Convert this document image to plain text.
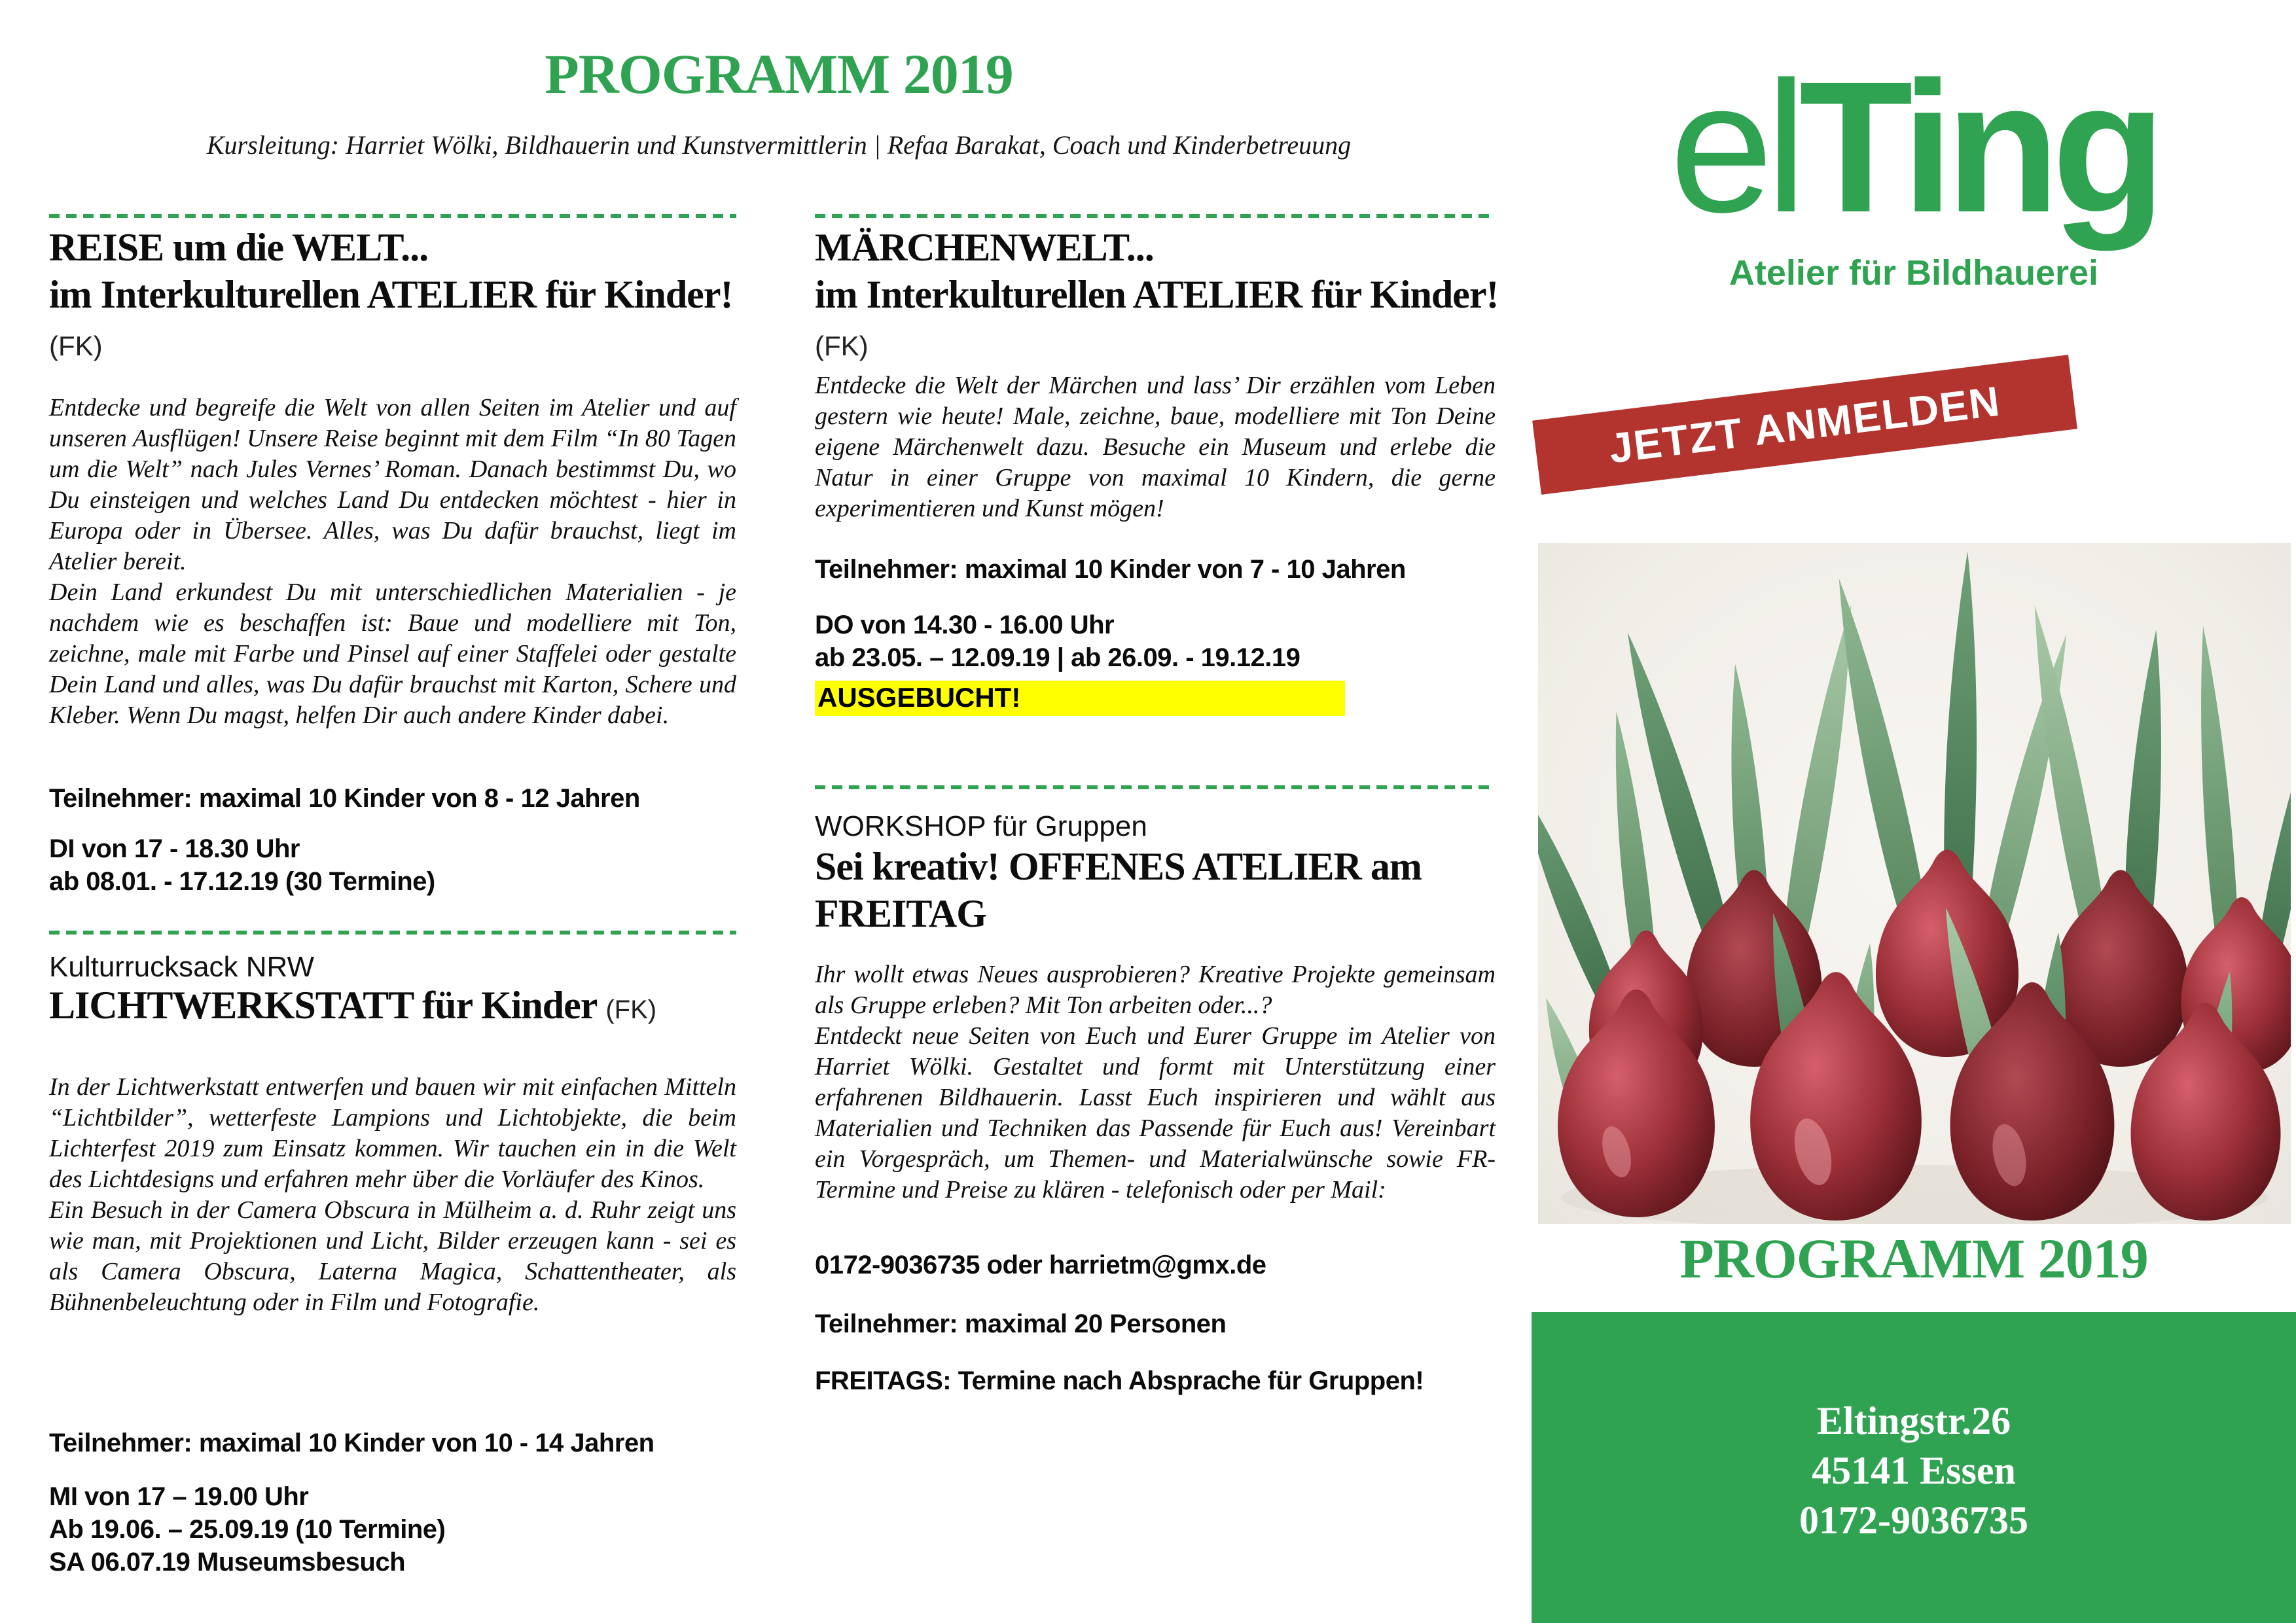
PROGRAMM 2019

Kursleitung: Harriet Wölki, Bildhauerin und Kunstvermittlerin | Refaa Barakat, Coach und Kinderbetreuung

REISE um die WELT...
im Interkulturellen ATELIER für Kinder!
(FK)

Entdecke und begreife die Welt von allen Seiten im Atelier und auf unseren Ausflügen! Unsere Reise beginnt mit dem Film “In 80 Tagen um die Welt” nach Jules Vernes’ Roman. Danach bestimmst Du, wo Du einsteigen und welches Land Du entdecken möchtest - hier in Europa oder in Übersee. Alles, was Du dafür brauchst, liegt im Atelier bereit.

Dein Land erkundest Du mit unterschiedlichen Materialien - je nachdem wie es beschaffen ist: Baue und modelliere mit Ton, zeichne, male mit Farbe und Pinsel auf einer Staffelei oder gestalte Dein Land und alles, was Du dafür brauchst mit Karton, Schere und Kleber. Wenn Du magst, helfen Dir auch andere Kinder dabei.

Teilnehmer: maximal 10 Kinder von 8 - 12 Jahren
DI von 17 - 18.30 Uhr
ab 08.01. - 17.12.19 (30 Termine)
Kulturrucksack NRW
LICHTWERKSTATT für Kinder (FK)

In der Lichtwerkstatt entwerfen und bauen wir mit einfachen Mitteln “Lichtbilder”, wetterfeste Lampions und Lichtobjekte, die beim Lichterfest 2019 zum Einsatz kommen. Wir tauchen ein in die Welt des Lichtdesigns und erfahren mehr über die Vorläufer des Kinos.

Ein Besuch in der Camera Obscura in Mülheim a. d. Ruhr zeigt uns wie man, mit Projektionen und Licht, Bilder erzeugen kann - sei es als Camera Obscura, Laterna Magica, Schattentheater, als Bühnenbeleuchtung oder in Film und Fotografie.

Teilnehmer: maximal 10 Kinder von 10 - 14 Jahren
MI von 17 – 19.00 Uhr
Ab 19.06. – 25.09.19 (10 Termine)
SA 06.07.19 Museumsbesuch
MÄRCHENWELT...
im Interkulturellen ATELIER für Kinder!
(FK)

Entdecke die Welt der Märchen und lass’ Dir erzählen vom Leben gestern wie heute! Male, zeichne, baue, modelliere mit Ton Deine eigene Märchenwelt dazu. Besuche ein Museum und erlebe die Natur in einer Gruppe von maximal 10 Kindern, die gerne experimentieren und Kunst mögen!

Teilnehmer: maximal 10 Kinder von 7 - 10 Jahren
DO von 14.30 - 16.00 Uhr
ab 23.05. – 12.09.19 | ab 26.09. - 19.12.19
AUSGEBUCHT!
WORKSHOP für Gruppen
Sei kreativ! OFFENES ATELIER am
FREITAG

Ihr wollt etwas Neues ausprobieren? Kreative Projekte gemeinsam als Gruppe erleben? Mit Ton arbeiten oder...?

Entdeckt neue Seiten von Euch und Eurer Gruppe im Atelier von Harriet Wölki. Gestaltet und formt mit Unterstützung einer erfahrenen Bildhauerin. Lasst Euch inspirieren und wählt aus Materialien und Techniken das Passende für Euch aus! Vereinbart ein Vorgespräch, um Themen- und Materialwünsche sowie FR-Termine und Preise zu klären - telefonisch oder per Mail:

0172-9036735 oder harrietm@gmx.de
Teilnehmer: maximal 20 Personen
FREITAGS: Termine nach Absprache für Gruppen!
elTing
Atelier für Bildhauerei
JETZT ANMELDEN
PROGRAMM 2019
Eltingstr.26
45141 Essen
0172-9036735
